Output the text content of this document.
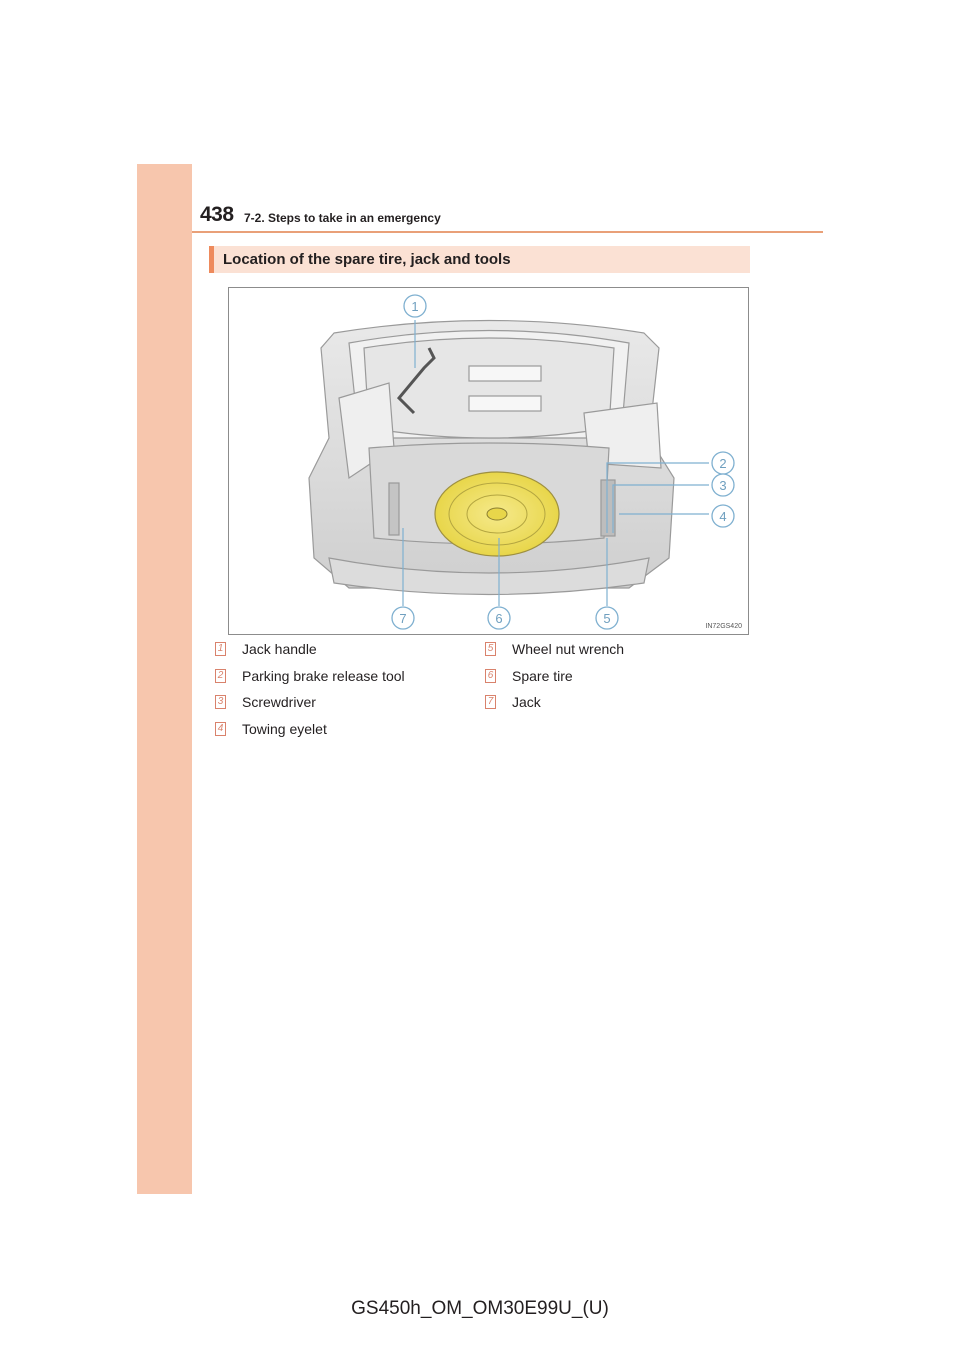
438 7-2. Steps to take in an emergency
Location of the spare tire, jack and tools
1
2
3
4
5
6
7
IN72GS420
1 Jack handle
2 Parking brake release tool
3 Screwdriver
4 Towing eyelet
5 Wheel nut wrench
6 Spare tire
7 Jack
GS450h_OM_OM30E99U_(U)
